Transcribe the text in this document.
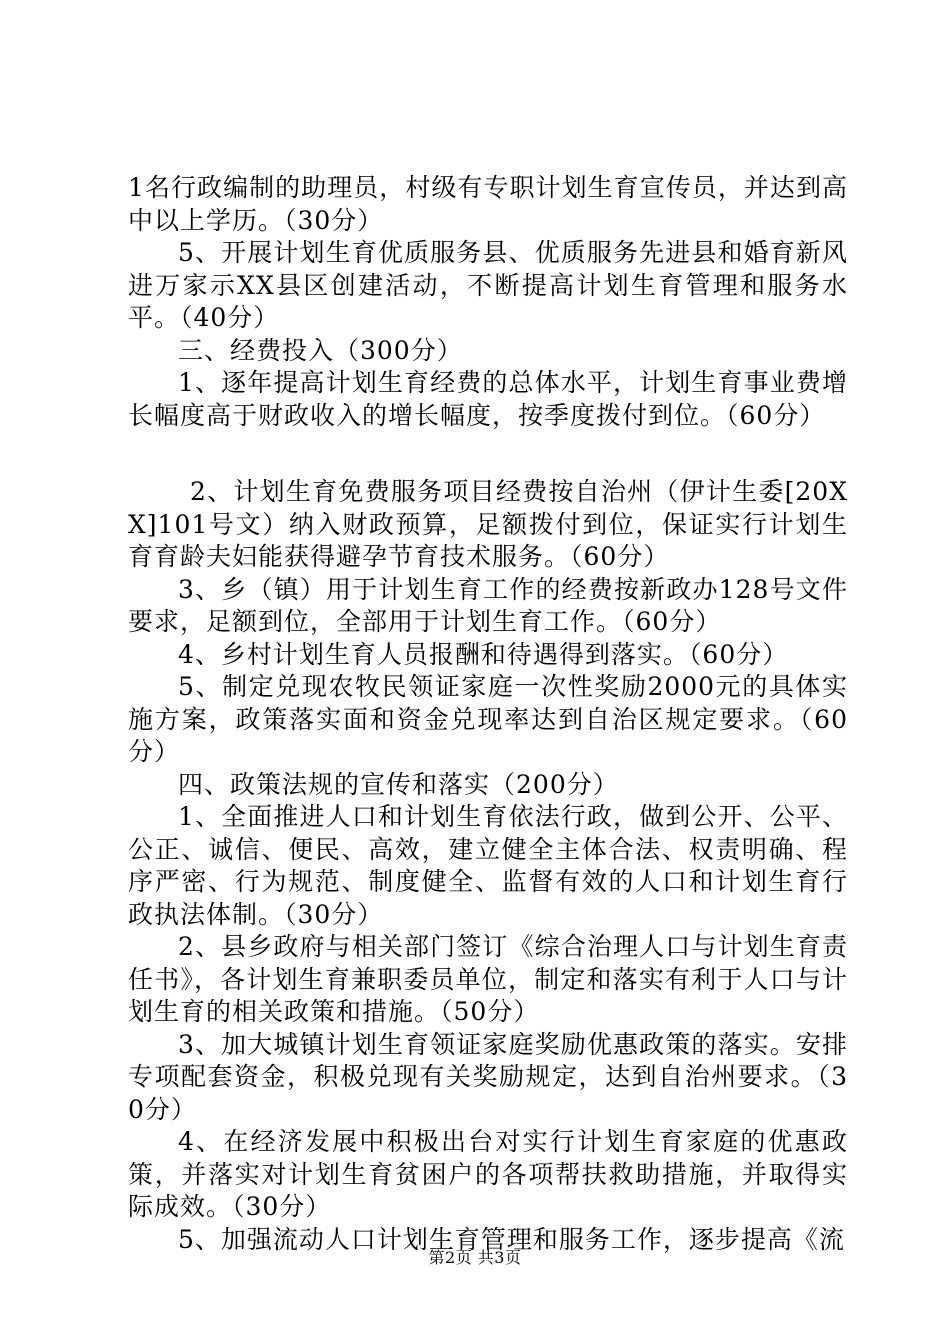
1名行政编制的助理员，村级有专职计划生育宣传员，并达到高中以上学历。（30分）

5、开展计划生育优质服务县、优质服务先进县和婚育新风进万家示XX县区创建活动，不断提高计划生育管理和服务水平。（40分）

三、经费投入（300分）

1、逐年提高计划生育经费的总体水平，计划生育事业费增长幅度高于财政收入的增长幅度，按季度拨付到位。（60分）

2、计划生育免费服务项目经费按自治州（伊计生委[20XX]101号文）纳入财政预算，足额拨付到位，保证实行计划生育育龄夫妇能获得避孕节育技术服务。（60分）

3、乡（镇）用于计划生育工作的经费按新政办128号文件要求，足额到位，全部用于计划生育工作。（60分）

4、乡村计划生育人员报酬和待遇得到落实。（60分）

5、制定兑现农牧民领证家庭一次性奖励2000元的具体实施方案，政策落实面和资金兑现率达到自治区规定要求。（60分）

四、政策法规的宣传和落实（200分）

1、全面推进人口和计划生育依法行政，做到公开、公平、公正、诚信、便民、高效，建立健全主体合法、权责明确、程序严密、行为规范、制度健全、监督有效的人口和计划生育行政执法体制。（30分）

2、县乡政府与相关部门签订《综合治理人口与计划生育责任书》，各计划生育兼职委员单位，制定和落实有利于人口与计划生育的相关政策和措施。（50分）

3、加大城镇计划生育领证家庭奖励优惠政策的落实。安排专项配套资金，积极兑现有关奖励规定，达到自治州要求。（30分）

4、在经济发展中积极出台对实行计划生育家庭的优惠政策，并落实对计划生育贫困户的各项帮扶救助措施，并取得实际成效。（30分）

5、加强流动人口计划生育管理和服务工作，逐步提高《流

第2页 共3页
